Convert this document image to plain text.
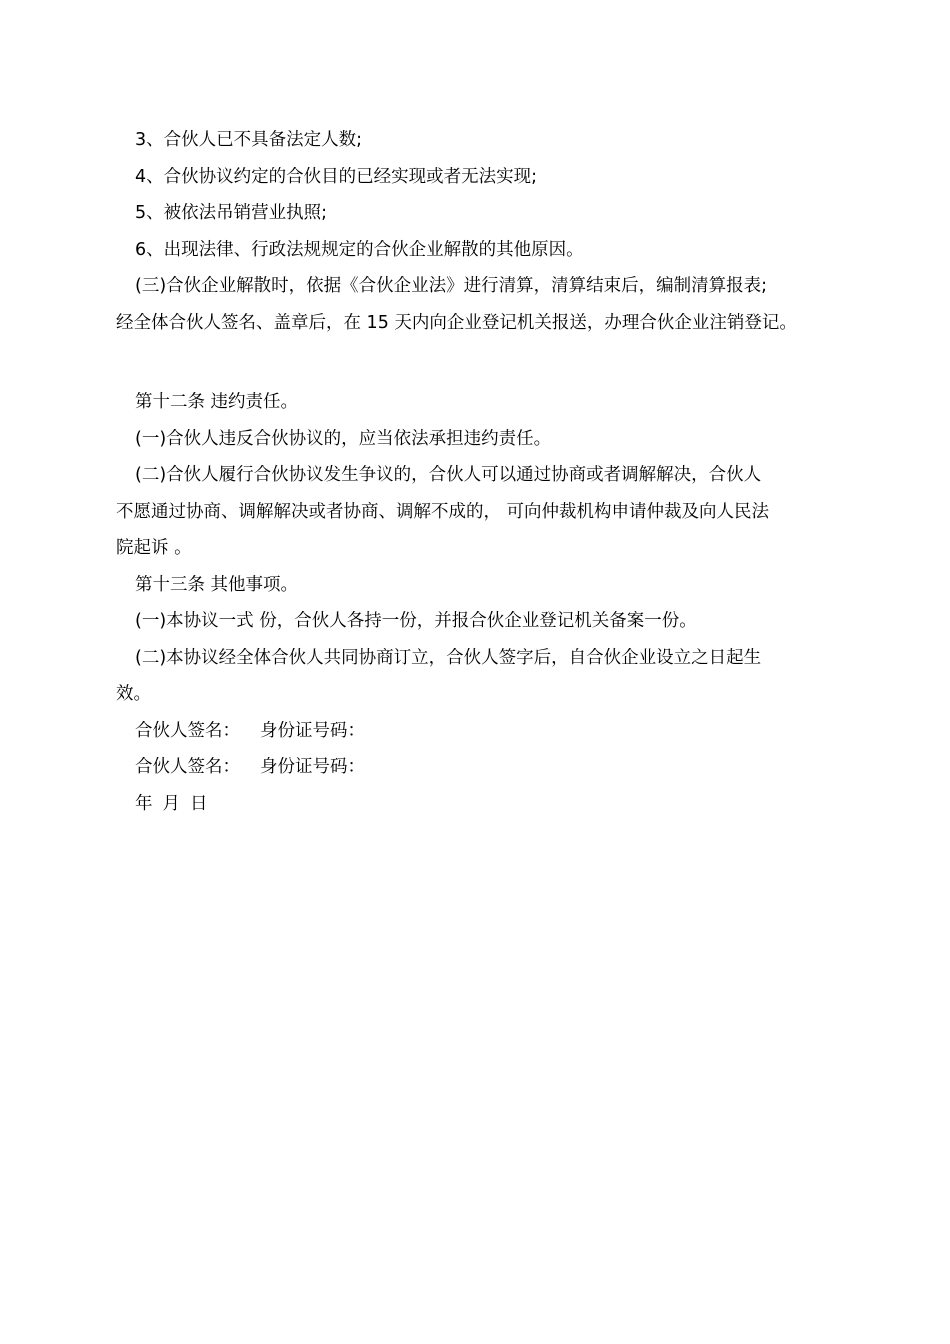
3、合伙人已不具备法定人数;
4、合伙协议约定的合伙目的已经实现或者无法实现;
5、被依法吊销营业执照;
6、出现法律、行政法规规定的合伙企业解散的其他原因。
(三)合伙企业解散时，依据《合伙企业法》进行清算，清算结束后，编制清算报表;
经全体合伙人签名、盖章后，在 15 天内向企业登记机关报送，办理合伙企业注销登记。
第十二条 违约责任。
(一)合伙人违反合伙协议的，应当依法承担违约责任。
(二)合伙人履行合伙协议发生争议的，合伙人可以通过协商或者调解解决，合伙人
不愿通过协商、调解解决或者协商、调解不成的， 可向仲裁机构申请仲裁及向人民法
院起诉 。
第十三条 其他事项。
(一)本协议一式 份，合伙人各持一份，并报合伙企业登记机关备案一份。
(二)本协议经全体合伙人共同协商订立，合伙人签字后，自合伙企业设立之日起生
效。
合伙人签名： 身份证号码：
合伙人签名： 身份证号码：
年 月 日
